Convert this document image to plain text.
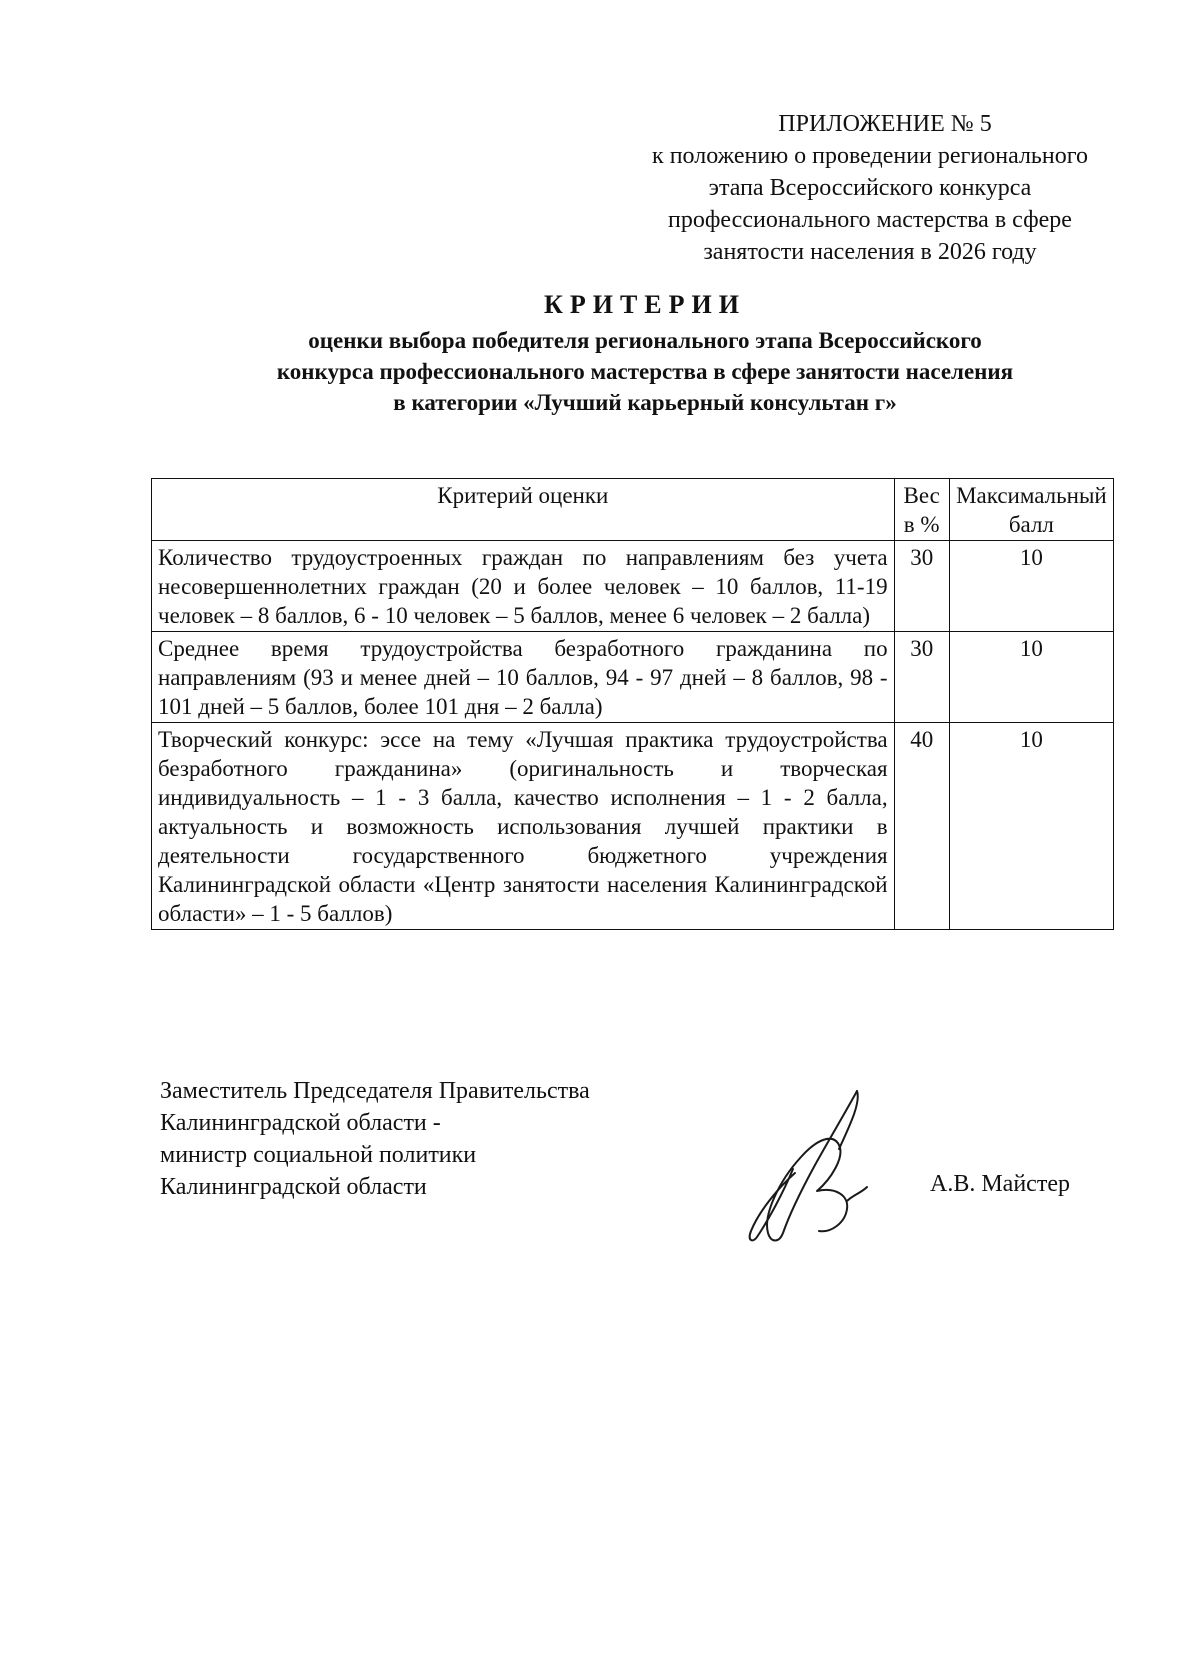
ПРИЛОЖЕНИЕ № 5
к положению о проведении регионального
этапа Всероссийского конкурса
профессионального мастерства в сфере
занятости населения в 2026 году
КРИТЕРИИ
оценки выбора победителя регионального этапа Всероссийского
конкурса профессионального мастерства в сфере занятости населения
в категории «Лучший карьерный консультан г»
Критерий оценки	Вес в %	Максимальный балл
Количество трудоустроенных граждан по направлениям без учета несовершеннолетних граждан (20 и более человек – 10 баллов, 11-19 человек – 8 баллов, 6 - 10 человек – 5 баллов, менее 6 человек – 2 балла)	30	10
Среднее время трудоустройства безработного гражданина по направлениям (93 и менее дней – 10 баллов, 94 - 97 дней – 8 баллов, 98 - 101 дней – 5 баллов, более 101 дня – 2 балла)	30	10
Творческий конкурс: эссе на тему «Лучшая практика трудоустройства безработного гражданина» (оригинальность и творческая индивидуальность – 1 - 3 балла, качество исполнения – 1 - 2 балла, актуальность и возможность использования лучшей практики в деятельности государственного бюджетного учреждения Калининградской области «Центр занятости населения Калининградской области» – 1 - 5 баллов)	40	10
Заместитель Председателя Правительства
Калининградской области -
министр социальной политики
Калининградской области	А.В. Майстер
